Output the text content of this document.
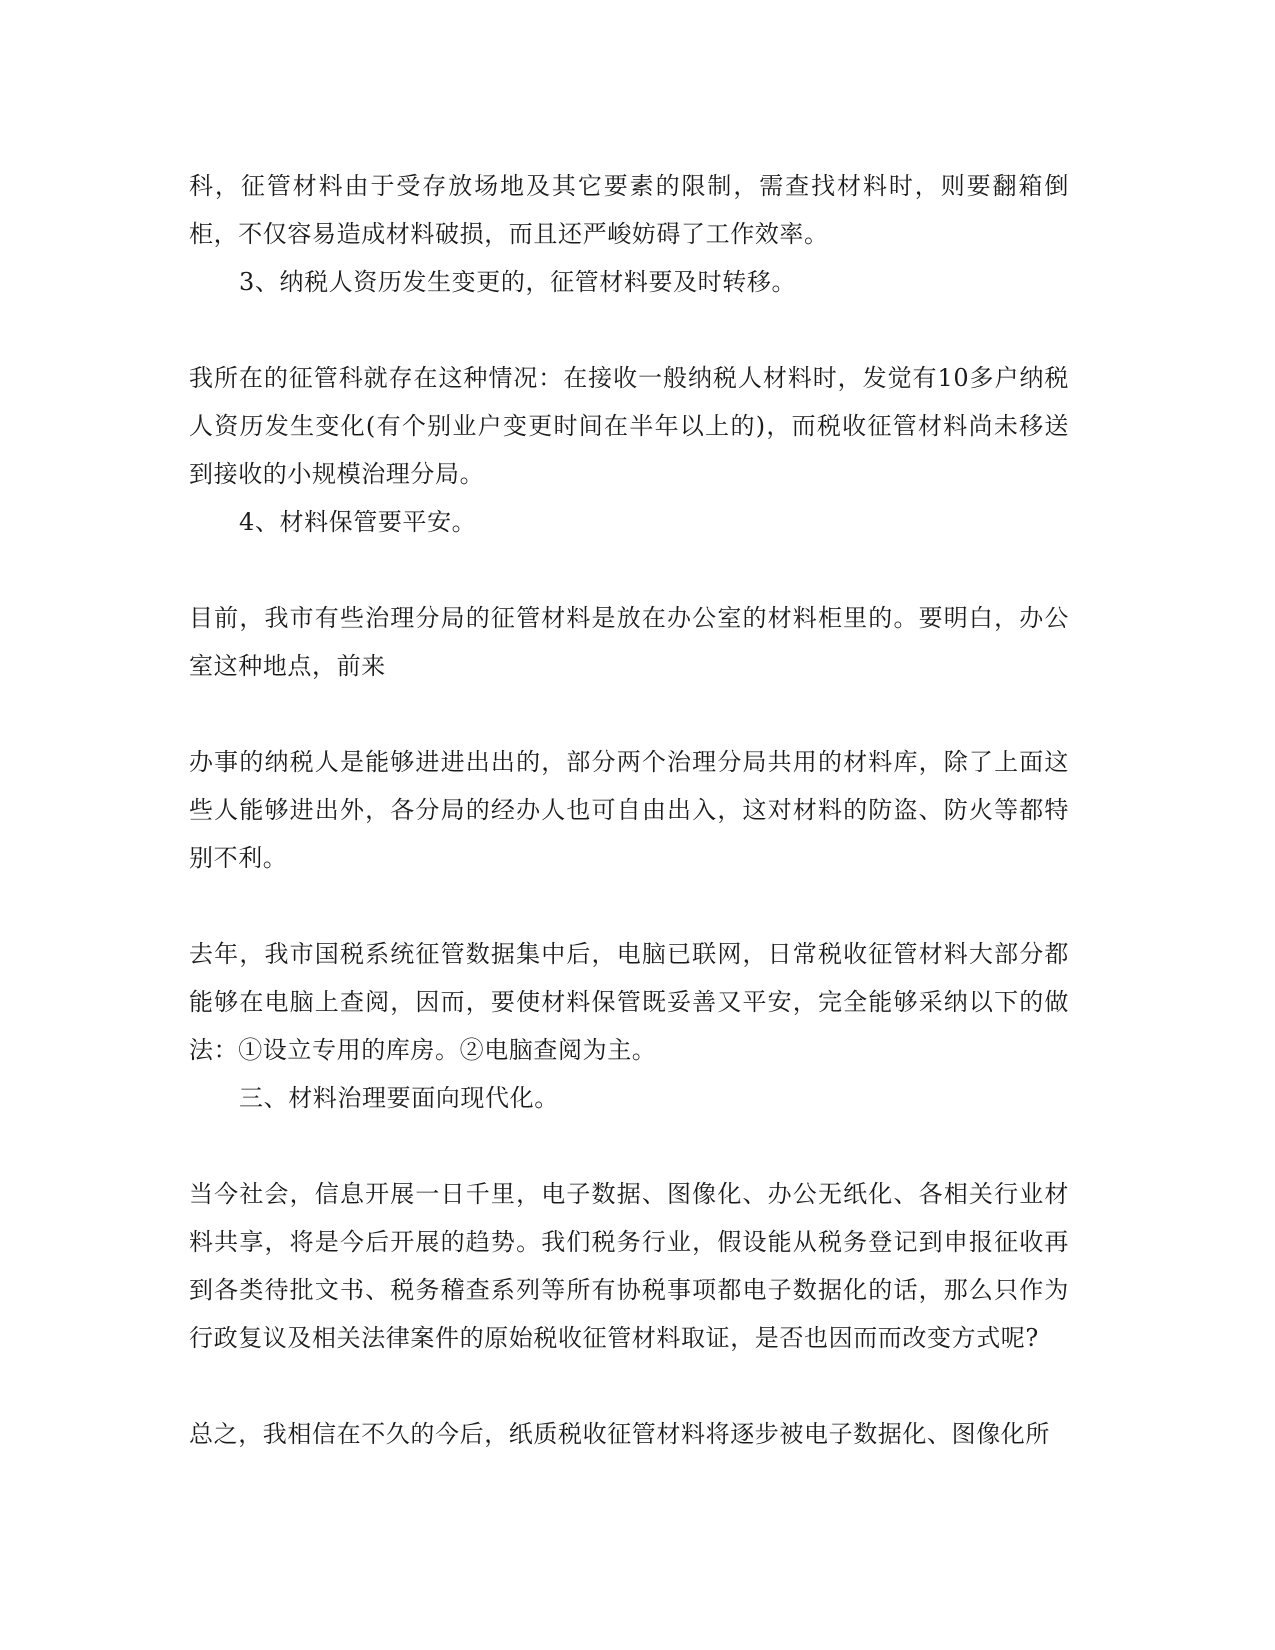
科，征管材料由于受存放场地及其它要素的限制，需查找材料时，则要翻箱倒柜，不仅容易造成材料破损，而且还严峻妨碍了工作效率。

3、纳税人资历发生变更的，征管材料要及时转移。

我所在的征管科就存在这种情况：在接收一般纳税人材料时，发觉有10多户纳税人资历发生变化(有个别业户变更时间在半年以上的)，而税收征管材料尚未移送到接收的小规模治理分局。

4、材料保管要平安。

目前，我市有些治理分局的征管材料是放在办公室的材料柜里的。要明白，办公室这种地点，前来

办事的纳税人是能够进进出出的，部分两个治理分局共用的材料库，除了上面这些人能够进出外，各分局的经办人也可自由出入，这对材料的防盗、防火等都特别不利。

去年，我市国税系统征管数据集中后，电脑已联网，日常税收征管材料大部分都能够在电脑上查阅，因而，要使材料保管既妥善又平安，完全能够采纳以下的做法：①设立专用的库房。②电脑查阅为主。

三、材料治理要面向现代化。

当今社会，信息开展一日千里，电子数据、图像化、办公无纸化、各相关行业材料共享，将是今后开展的趋势。我们税务行业，假设能从税务登记到申报征收再到各类待批文书、税务稽查系列等所有协税事项都电子数据化的话，那么只作为行政复议及相关法律案件的原始税收征管材料取证，是否也因而而改变方式呢?

总之，我相信在不久的今后，纸质税收征管材料将逐步被电子数据化、图像化所
